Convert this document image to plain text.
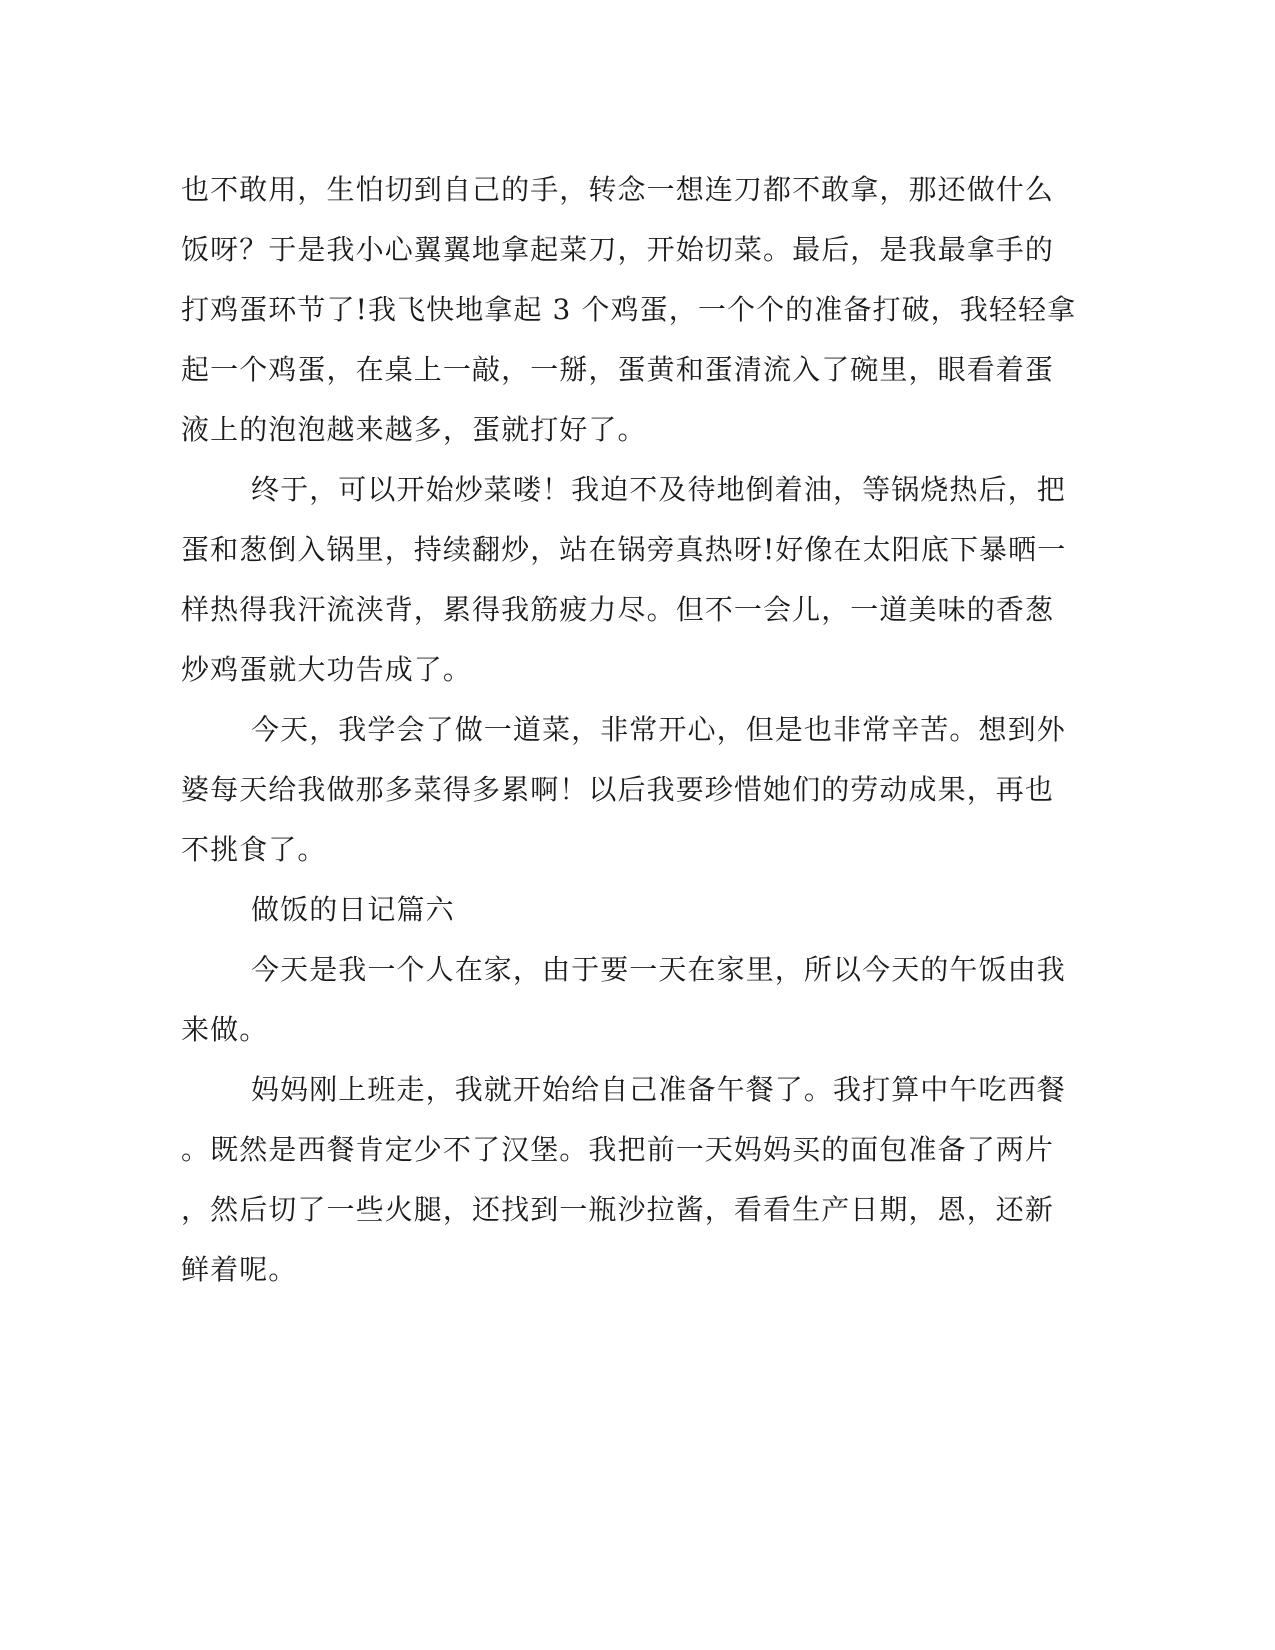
也不敢用，生怕切到自己的手，转念一想连刀都不敢拿，那还做什么
饭呀？于是我小心翼翼地拿起菜刀，开始切菜。最后，是我最拿手的
打鸡蛋环节了!我飞快地拿起 3 个鸡蛋，一个个的准备打破，我轻轻拿
起一个鸡蛋，在桌上一敲，一掰，蛋黄和蛋清流入了碗里，眼看着蛋
液上的泡泡越来越多，蛋就打好了。
终于，可以开始炒菜喽！我迫不及待地倒着油，等锅烧热后，把
蛋和葱倒入锅里，持续翻炒，站在锅旁真热呀!好像在太阳底下暴晒一
样热得我汗流浃背，累得我筋疲力尽。但不一会儿，一道美味的香葱
炒鸡蛋就大功告成了。
今天，我学会了做一道菜，非常开心，但是也非常辛苦。想到外
婆每天给我做那多菜得多累啊！以后我要珍惜她们的劳动成果，再也
不挑食了。
做饭的日记篇六
今天是我一个人在家，由于要一天在家里，所以今天的午饭由我
来做。
妈妈刚上班走，我就开始给自己准备午餐了。我打算中午吃西餐
。既然是西餐肯定少不了汉堡。我把前一天妈妈买的面包准备了两片
，然后切了一些火腿，还找到一瓶沙拉酱，看看生产日期，恩，还新
鲜着呢。
